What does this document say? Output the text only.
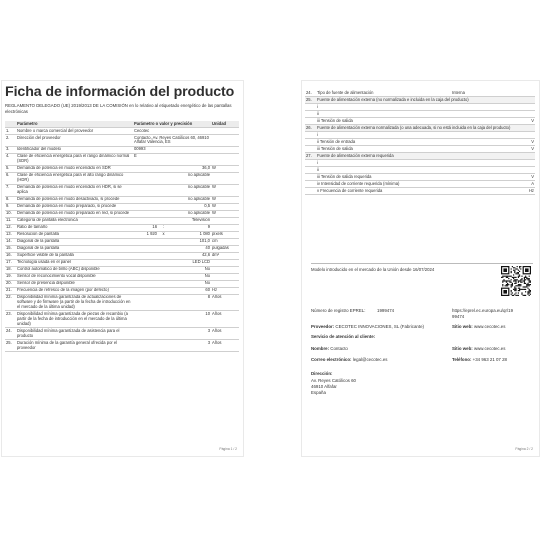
Ficha de información del producto
REGLAMENTO DELEGADO (UE) 2019/2013 DE LA COMISIÓN en lo relativo al etiquetado energético de las pantallas electrónicas
	Parámetro	Parámetro o valor y precisión			Unidad
1.	Nombre o marca comercial del proveedor	Cecotec			
2.	Dirección del proveedor	Contacto, Av. Reyes Católicos 60, 46910 Alfafar Valencia, ES			
3.	Identificador del modelo	00993			
4.	Clase de eficiencia energética para el rango dinámico normal (SDR)	E			
5.	Demanda de potencia en modo encendido en SDR	36,0			W
6.	Clase de eficiencia energética para el alto rango dinámico (HDR)	no aplicable			
7.	Demanda de potencia en modo encendido en HDR, si se aplica	no aplicable			W
8.	Demanda de potencia en modo desactivado, si procede	no aplicable			W
9.	Demanda de potencia en modo preparado, si procede	0,5			W
10.	Demanda de potencia en modo preparado en red, si procede	no aplicable			W
11.	Categoría de pantalla electrónica	Televisión			
12.	Ratio de tamaño	16	:	9	
13.	Resolución de pantalla	1 920	x	1 080	píxels
14.	Diagonal de la pantalla	101,0			cm
15.	Diagonal de la pantalla	40			pulgadas
16.	Superficie visible de la pantalla	42,6			dm²
17.	Tecnología usada en el panel	LED LCD			
18.	Control automático de brillo (ABC) disponible	No			
19.	Sensor de reconocimiento vocal disponible	No			
20.	Sensor de presencia disponible	No			
21.	Frecuencia de refresco de la imagen (por defecto)	60			Hz
22.	Disponibilidad mínima garantizada de actualizaciones de software y de firmware (a partir de la fecha de introducción en el mercado de la última unidad)	8			Años
23.	Disponibilidad mínima garantizada de piezas de recambio (a partir de la fecha de introducción en el mercado de la última unidad)	10			Años
24.	Disponibilidad mínima garantizada de asistencia para el producto	3			Años
25.	Duración mínima de la garantía general ofrecida por el proveedor	3			Años
Página 1 / 2
24.	Tipo de fuente de alimentación	Interna	
25.	Fuente de alimentación externa (no normalizada e incluida en la caja del producto)		
	i		
	ii		
	iii Tensión de salida		V
26.	Fuente de alimentación externa normalizada (o una adecuada, si no está incluida en la caja del producto)		
	i		
	ii Tensión de entrada		V
	iii Tensión de salida		V
27.	Fuente de alimentación externa requerida		
	i		
	ii		
	iii Tensión de salida requerida		V
	iv Intensidad de corriente requerida (mínima)		A
	v Frecuencia de corriente requerida		Hz
Modelo introducido en el mercado de la Unión desde 16/07/2024
Número de registro EPREL:	1999474	https://eprel.ec.europa.eu/qr/19
99474
Proveedor: CECOTEC INNOVACIONES, SL (Fabricante)	Sitio web: www.cecotec.es
Servicio de atención al cliente:
Nombre: Contacto	Sitio web: www.cecotec.es
Correo electrónico: legal@cecotec.es	Teléfono: +34 963 21 07 28
Dirección:
Av. Reyes Católicos 60
46910 Alfafar
España
Página 2 / 2
